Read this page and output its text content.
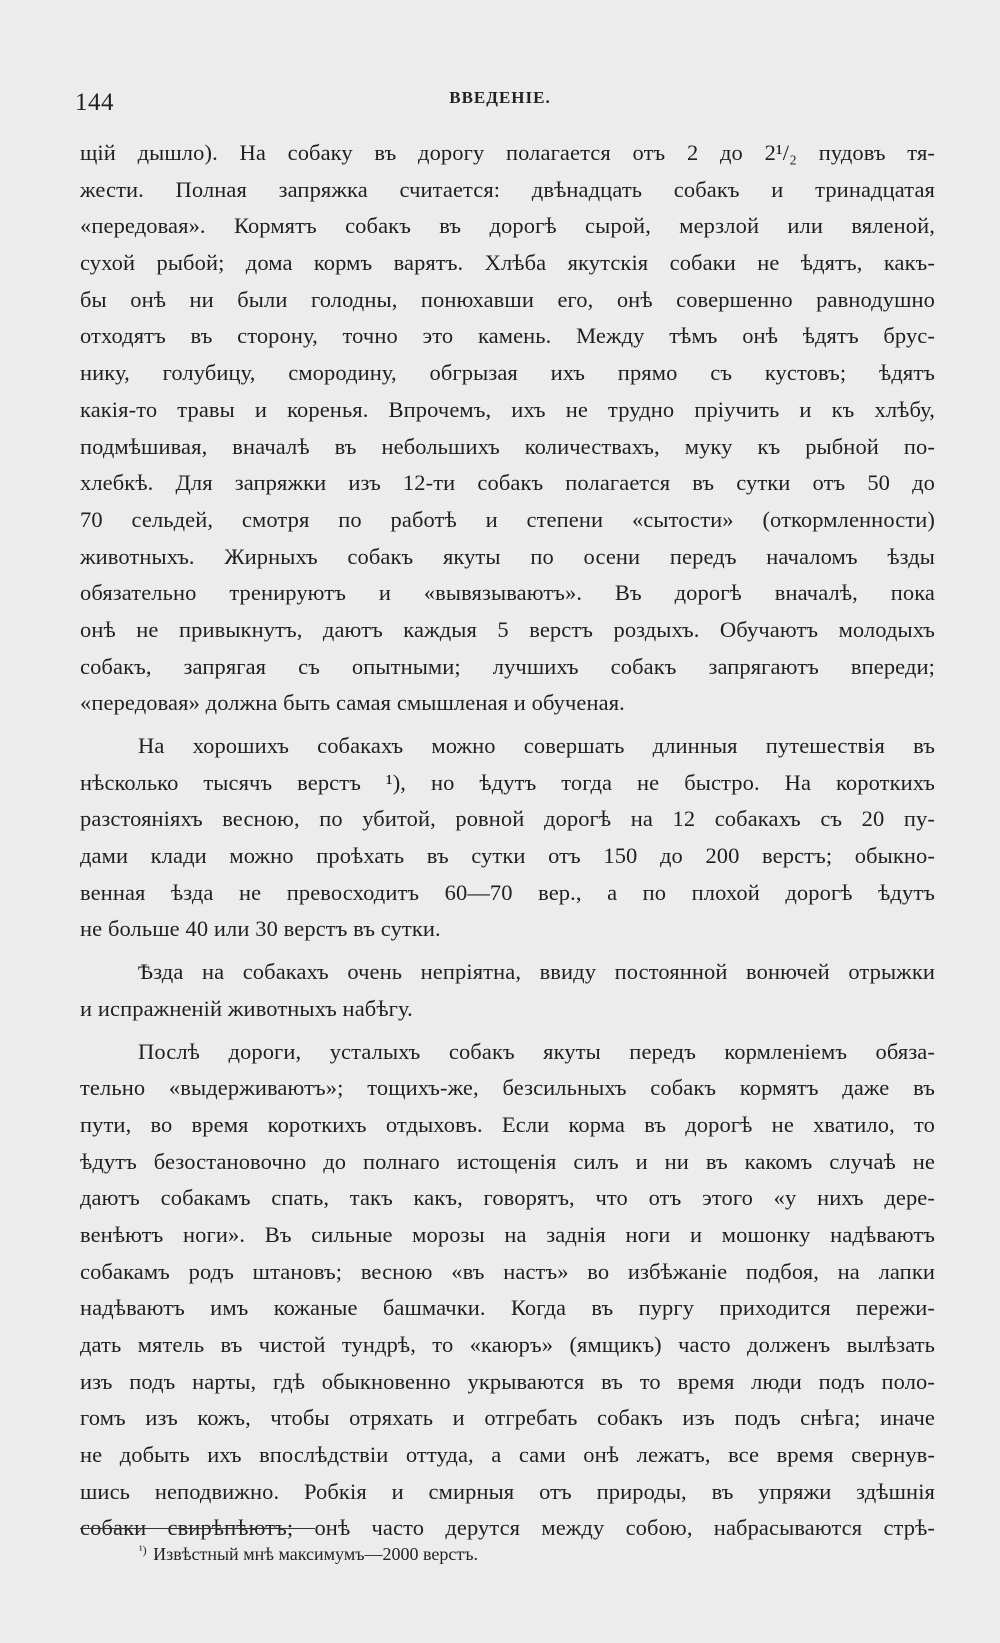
144	ВВЕДЕНІЕ.
щій дышло). На собаку въ дорогу полагается отъ 2 до 2¹/₂ пудовъ тя-
жести. Полная запряжка считается: двѣнадцать собакъ и тринадцатая
«передовая». Кормятъ собакъ въ дорогѣ сырой, мерзлой или вяленой,
сухой рыбой; дома кормъ варятъ. Хлѣба якутскія собаки не ѣдятъ, какъ-
бы онѣ ни были голодны, понюхавши его, онѣ совершенно равнодушно
отходятъ въ сторону, точно это камень. Между тѣмъ онѣ ѣдятъ брус-
нику, голубицу, смородину, обгрызая ихъ прямо съ кустовъ; ѣдятъ
какія-то травы и коренья. Впрочемъ, ихъ не трудно пріучить и къ хлѣбу,
подмѣшивая, вначалѣ въ небольшихъ количествахъ, муку къ рыбной по-
хлебкѣ. Для запряжки изъ 12-ти собакъ полагается въ сутки отъ 50 до
70 сельдей, смотря по работѣ и степени «сытости» (откормленности)
животныхъ. Жирныхъ собакъ якуты по осени передъ началомъ ѣзды
обязательно тренируютъ и «вывязываютъ». Въ дорогѣ вначалѣ, пока
онѣ не привыкнутъ, даютъ каждыя 5 верстъ роздыхъ. Обучаютъ молодыхъ
собакъ, запрягая съ опытными; лучшихъ собакъ запрягаютъ впереди;
«передовая» должна быть самая смышленая и обученая.
На хорошихъ собакахъ можно совершать длинныя путешествія въ
нѣсколько тысячъ верстъ ¹), но ѣдутъ тогда не быстро. На короткихъ
разстояніяхъ весною, по убитой, ровной дорогѣ на 12 собакахъ съ 20 пу-
дами клади можно проѣхать въ сутки отъ 150 до 200 верстъ; обыкно-
венная ѣзда не превосходитъ 60—70 вер., а по плохой дорогѣ ѣдутъ
не больше 40 или 30 верстъ въ сутки.
Ѣзда на собакахъ очень непріятна, ввиду постоянной вонючей отрыжки
и испражненій животныхъ набѣгу.
Послѣ дороги, усталыхъ собакъ якуты передъ кормленіемъ обяза-
тельно «выдерживаютъ»; тощихъ-же, безсильныхъ собакъ кормятъ даже въ
пути, во время короткихъ отдыховъ. Если корма въ дорогѣ не хватило, то
ѣдутъ безостановочно до полнаго истощенія силъ и ни въ какомъ случаѣ не
даютъ собакамъ спать, такъ какъ, говорятъ, что отъ этого «у нихъ дере-
венѣютъ ноги». Въ сильные морозы на заднія ноги и мошонку надѣваютъ
собакамъ родъ штановъ; весною «въ настъ» во избѣжаніе подбоя, на лапки
надѣваютъ имъ кожаные башмачки. Когда въ пургу приходится пережи-
дать мятель въ чистой тундрѣ, то «каюръ» (ямщикъ) часто долженъ вылѣзать
изъ подъ нарты, гдѣ обыкновенно укрываются въ то время люди подъ поло-
гомъ изъ кожъ, чтобы отряхать и отгребать собакъ изъ подъ снѣга; иначе
не добыть ихъ впослѣдствіи оттуда, а сами онѣ лежатъ, все время свернув-
шись неподвижно. Робкія и смирныя отъ природы, въ упряжи здѣшнія
собаки свирѣпѣютъ; онѣ часто дерутся между собою, набрасываются стрѣ-
$^{^1)}$ Извѣстный мнѣ максимумъ—2000 верстъ.
